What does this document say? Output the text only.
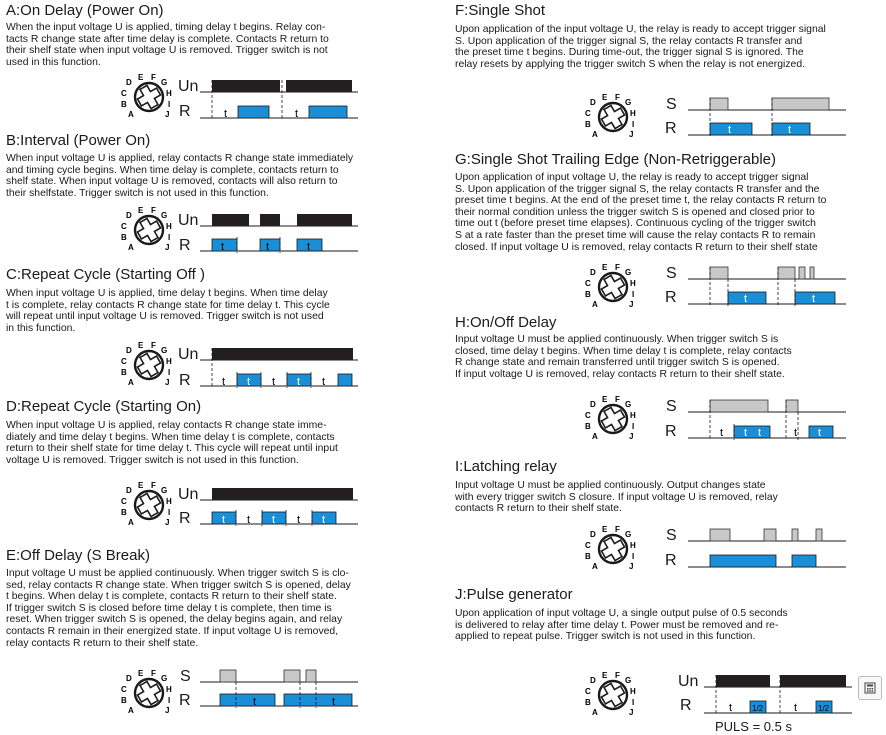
A:On Delay (Power On)
When the input voltage U is applied, timing delay t begins. Relay con-
tacts R change state after time delay is complete. Contacts R return to
their shelf state when input voltage U is removed. Trigger switch is not
used in this function.
B:Interval (Power On)
When input voltage U is applied, relay contacts R change state immediately
and timing cycle begins. When time delay is complete, contacts return to
shelf state. When input voltage U is removed, contacts will also return to
their shelfstate. Trigger switch is not used in this function.
C:Repeat Cycle (Starting Off )
When input voltage U is applied, time delay t begins. When time delay
t is complete, relay contacts R change state for time delay t. This cycle
will repeat until input voltage U is removed. Trigger switch is not used
in this function.
D:Repeat Cycle (Starting On)
When input voltage U is applied, relay contacts R change state imme-
diately and time delay t begins. When time delay t is complete, contacts
return to their shelf state for time delay t. This cycle will repeat until input
voltage U is removed. Trigger switch is not used in this function.
E:Off Delay (S Break)
Input voltage U must be applied continuously. When trigger switch S is clo-
sed, relay contacts R change state. When trigger switch S is opened, delay
t begins. When delay t is complete, contacts R return to their shelf state.
If trigger switch S is closed before time delay t is complete, then time is
reset. When trigger switch S is opened, the delay begins again, and relay
contacts R remain in their energized state. If input voltage U is removed,
relay contacts R return to their shelf state.
F:Single Shot
Upon application of the input voltage U, the relay is ready to accept trigger signal
S. Upon application of the trigger signal S, the relay contacts R transfer and
the preset time t begins. During time-out, the trigger signal S is ignored. The
relay resets by applying the trigger switch S when the relay is not energized.
G:Single Shot Trailing Edge (Non-Retriggerable)
Upon application of input voltage U, the relay is ready to accept trigger signal
S. Upon application of the trigger signal S, the relay contacts R transfer and the
preset time t begins. At the end of the preset time t, the relay contacts R return to
their normal condition unless the trigger switch S is opened and closed prior to
time out t (before preset time elapses). Continuous cycling of the trigger switch
S at a rate faster than the preset time will cause the relay contacts R to remain
closed. If input voltage U is removed, relay contacts R return to their shelf state
H:On/Off Delay
Input voltage U must be applied continuously. When trigger switch S is
closed, time delay t begins. When time delay t is complete, relay contacts
R change state and remain transferred until trigger switch S is opened.
If input voltage U is removed, relay contacts R return to their shelf state.
I:Latching relay
Input voltage U must be applied continuously. Output changes state
with every trigger switch S closure. If input voltage U is removed, relay
contacts R return to their shelf state.
J:Pulse generator
Upon application of input voltage U, a single output pulse of 0.5 seconds
is delivered to relay after time delay t. Power must be removed and re-
applied to repeat pulse. Trigger switch is not used in this function.
Un
R
Un
R
Un
R
Un
R
S
R
S
R
S
R
S
R
S
R
Un
R
PULS = 0.5 s
t	t
t	t	t
t t t t t
t t t t t
t	t
t	t
t	t
t t t	t t
t	t
1/2	1/2
